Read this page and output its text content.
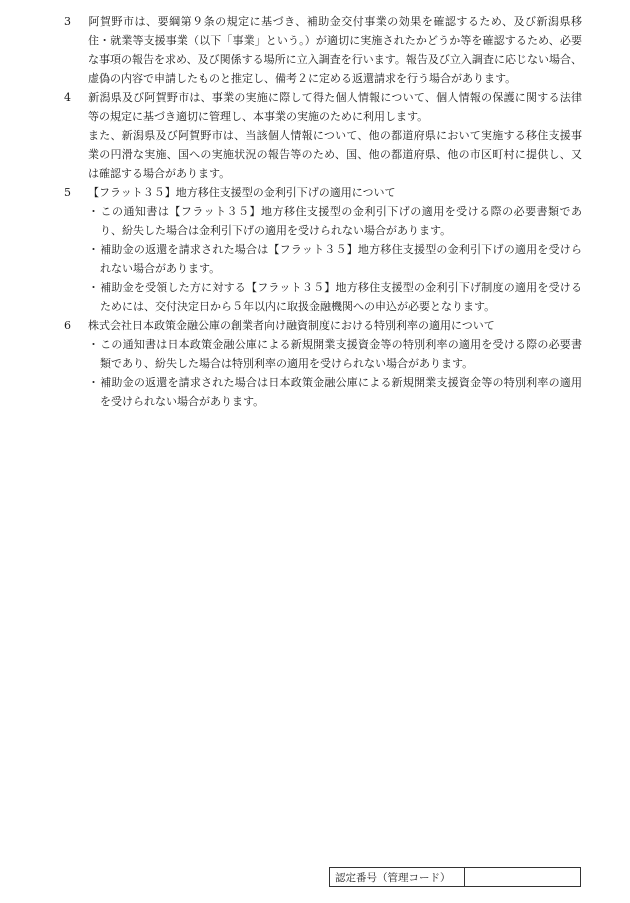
3 阿賀野市は、要綱第９条の規定に基づき、補助金交付事業の効果を確認するため、及び新潟県移住・就業等支援事業（以下「事業」という。）が適切に実施されたかどうか等を確認するため、必要な事項の報告を求め、及び関係する場所に立入調査を行います。報告及び立入調査に応じない場合、虚偽の内容で申請したものと推定し、備考２に定める返還請求を行う場合があります。

4 新潟県及び阿賀野市は、事業の実施に際して得た個人情報について、個人情報の保護に関する法律等の規定に基づき適切に管理し、本事業の実施のために利用します。

また、新潟県及び阿賀野市は、当該個人情報について、他の都道府県において実施する移住支援事業の円滑な実施、国への実施状況の報告等のため、国、他の都道府県、他の市区町村に提供し、又は確認する場合があります。

5 【フラット３５】地方移住支援型の金利引下げの適用について

・この通知書は【フラット３５】地方移住支援型の金利引下げの適用を受ける際の必要書類であり、紛失した場合は金利引下げの適用を受けられない場合があります。

・補助金の返還を請求された場合は【フラット３５】地方移住支援型の金利引下げの適用を受けられない場合があります。

・補助金を受領した方に対する【フラット３５】地方移住支援型の金利引下げ制度の適用を受けるためには、交付決定日から５年以内に取扱金融機関への申込が必要となります。

6 株式会社日本政策金融公庫の創業者向け融資制度における特別利率の適用について

・この通知書は日本政策金融公庫による新規開業支援資金等の特別利率の適用を受ける際の必要書類であり、紛失した場合は特別利率の適用を受けられない場合があります。

・補助金の返還を請求された場合は日本政策金融公庫による新規開業支援資金等の特別利率の適用を受けられない場合があります。

認定番号（管理コード）
